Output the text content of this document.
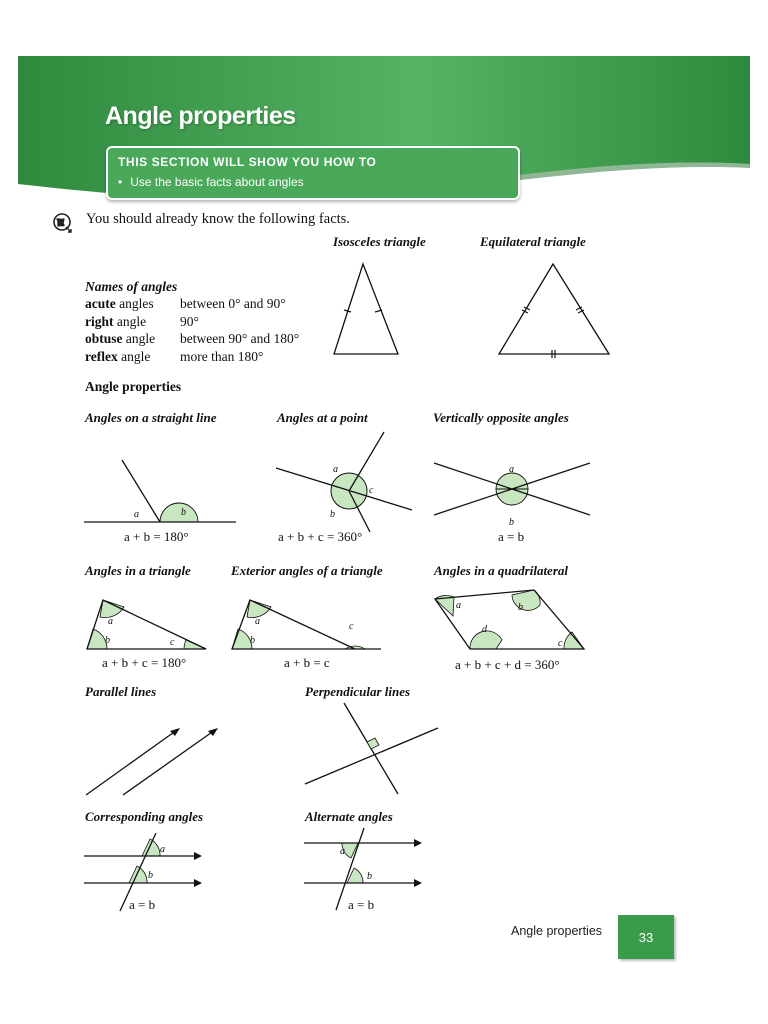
Angle properties
THIS SECTION WILL SHOW YOU HOW TO
• Use the basic facts about angles
You should already know the following facts.
Isosceles triangle	Equilateral triangle
Names of angles
acute angles between 0° and 90°
right angle	90°
obtuse angle between 90° and 180°
reflex angle more than 180°
Angle properties
Angles on a straight line	Angles at a point	Vertically opposite angles
a	b
a + b = 180°
a
c
b
a + b + c = 360°
a
b
a = b
Angles in a triangle	Exterior angles of a triangle	Angles in a quadrilateral
a
b	c
a + b + c = 180°
a
b
c
a + b = c
a	b
c
d
a + b + c + d = 360°
Parallel lines	Perpendicular lines
Corresponding angles	Alternate angles
a
b
a = b
a
b
a = b
Angle properties	33
